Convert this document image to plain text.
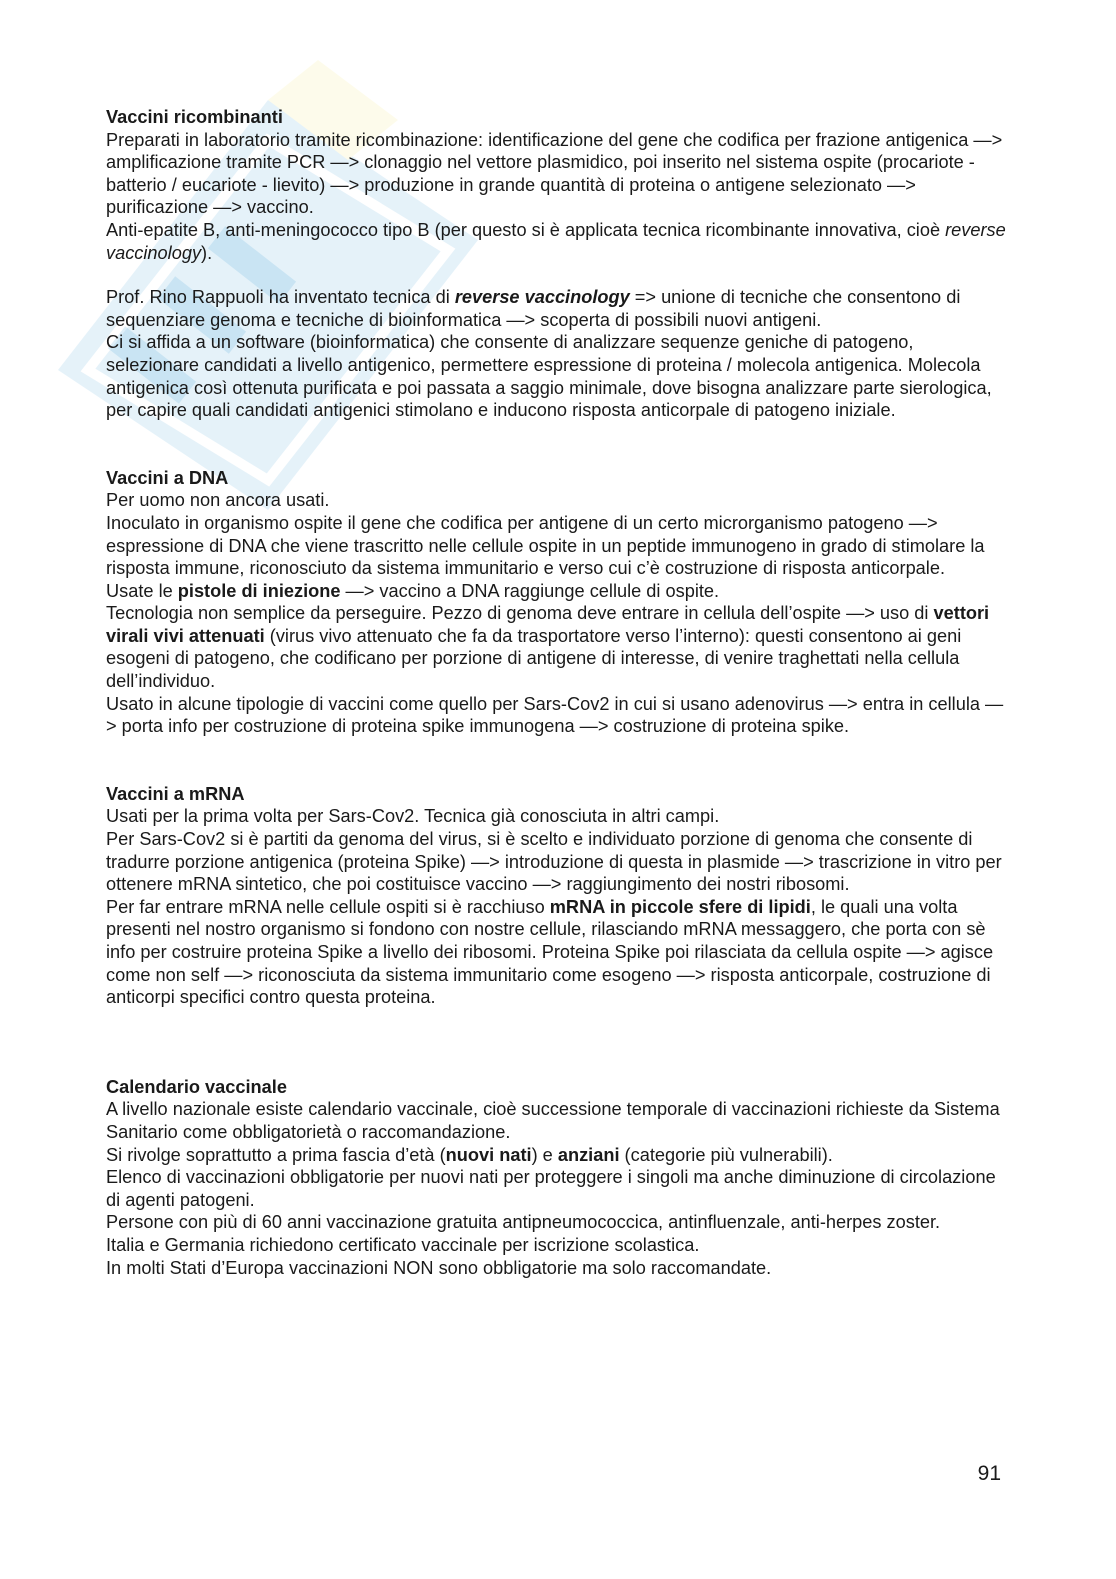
Vaccini ricombinanti

Preparati in laboratorio tramite ricombinazione: identificazione del gene che codifica per frazione antigenica —> amplificazione tramite PCR —> clonaggio nel vettore plasmidico, poi inserito nel sistema ospite (procariote - batterio / eucariote - lievito) —> produzione in grande quantità di proteina o antigene selezionato —> purificazione —> vaccino.

Anti-epatite B, anti-meningococco tipo B (per questo si è applicata tecnica ricombinante innovativa, cioè reverse vaccinology).

Prof. Rino Rappuoli ha inventato tecnica di reverse vaccinology => unione di tecniche che consentono di sequenziare genoma e tecniche di bioinformatica —> scoperta di possibili nuovi antigeni.

Ci si affida a un software (bioinformatica) che consente di analizzare sequenze geniche di patogeno, selezionare candidati a livello antigenico, permettere espressione di proteina / molecola antigenica. Molecola antigenica così ottenuta purificata e poi passata a saggio minimale, dove bisogna analizzare parte sierologica, per capire quali candidati antigenici stimolano e inducono risposta anticorpale di patogeno iniziale.

Vaccini a DNA

Per uomo non ancora usati.

Inoculato in organismo ospite il gene che codifica per antigene di un certo microrganismo patogeno —> espressione di DNA che viene trascritto nelle cellule ospite in un peptide immunogeno in grado di stimolare la risposta immune, riconosciuto da sistema immunitario e verso cui c’è costruzione di risposta anticorpale.

Usate le pistole di iniezione —> vaccino a DNA raggiunge cellule di ospite.

Tecnologia non semplice da perseguire. Pezzo di genoma deve entrare in cellula dell’ospite —> uso di vettori virali vivi attenuati (virus vivo attenuato che fa da trasportatore verso l’interno): questi consentono ai geni esogeni di patogeno, che codificano per porzione di antigene di interesse, di venire traghettati nella cellula dell’individuo.

Usato in alcune tipologie di vaccini come quello per Sars-Cov2 in cui si usano adenovirus —> entra in cellula —> porta info per costruzione di proteina spike immunogena —> costruzione di proteina spike.

Vaccini a mRNA

Usati per la prima volta per Sars-Cov2. Tecnica già conosciuta in altri campi.

Per Sars-Cov2 si è partiti da genoma del virus, si è scelto e individuato porzione di genoma che consente di tradurre porzione antigenica (proteina Spike) —> introduzione di questa in plasmide —> trascrizione in vitro per ottenere mRNA sintetico, che poi costituisce vaccino —> raggiungimento dei nostri ribosomi.

Per far entrare mRNA nelle cellule ospiti si è racchiuso mRNA in piccole sfere di lipidi, le quali una volta presenti nel nostro organismo si fondono con nostre cellule, rilasciando mRNA messaggero, che porta con sè info per costruire proteina Spike a livello dei ribosomi. Proteina Spike poi rilasciata da cellula ospite —> agisce come non self —> riconosciuta da sistema immunitario come esogeno —> risposta anticorpale, costruzione di anticorpi specifici contro questa proteina.

Calendario vaccinale

A livello nazionale esiste calendario vaccinale, cioè successione temporale di vaccinazioni richieste da Sistema Sanitario come obbligatorietà o raccomandazione.

Si rivolge soprattutto a prima fascia d’età (nuovi nati) e anziani (categorie più vulnerabili).

Elenco di vaccinazioni obbligatorie per nuovi nati per proteggere i singoli ma anche diminuzione di circolazione di agenti patogeni.

Persone con più di 60 anni vaccinazione gratuita antipneumococcica, antinfluenzale, anti-herpes zoster.

Italia e Germania richiedono certificato vaccinale per iscrizione scolastica.

In molti Stati d’Europa vaccinazioni NON sono obbligatorie ma solo raccomandate.

91
